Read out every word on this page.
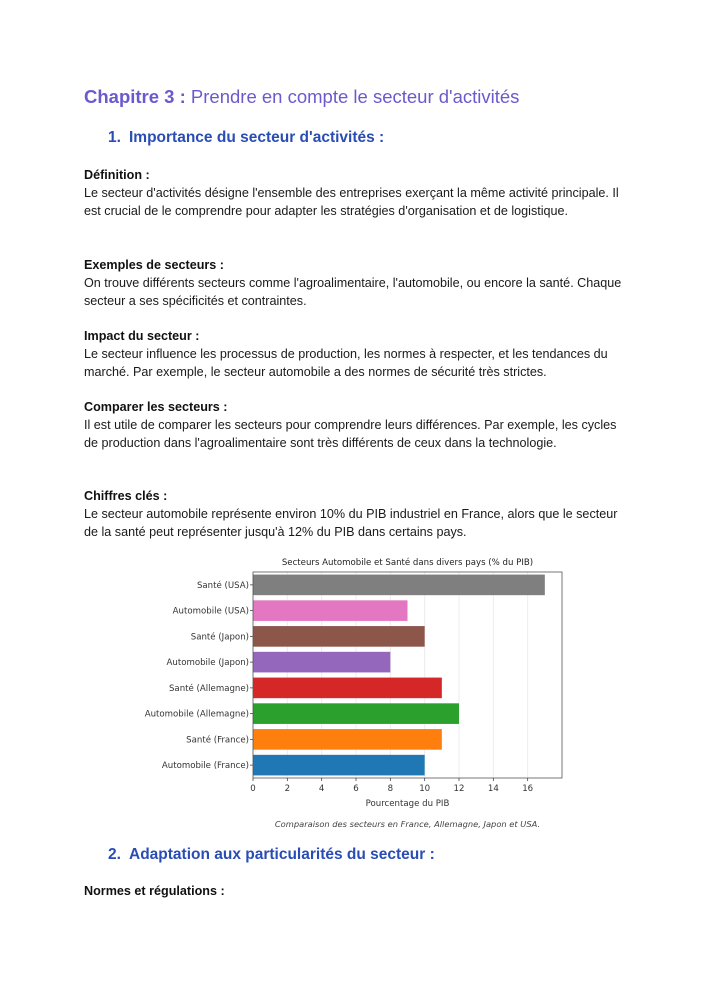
Chapitre 3 : Prendre en compte le secteur d'activités
1. Importance du secteur d'activités :

Définition :

Le secteur d'activités désigne l'ensemble des entreprises exerçant la même activité principale. Il est crucial de le comprendre pour adapter les stratégies d'organisation et de logistique.

Exemples de secteurs :

On trouve différents secteurs comme l'agroalimentaire, l'automobile, ou encore la santé. Chaque secteur a ses spécificités et contraintes.

Impact du secteur :

Le secteur influence les processus de production, les normes à respecter, et les tendances du marché. Par exemple, le secteur automobile a des normes de sécurité très strictes.

Comparer les secteurs :

Il est utile de comparer les secteurs pour comprendre leurs différences. Par exemple, les cycles de production dans l'agroalimentaire sont très différents de ceux dans la technologie.

Chiffres clés :

Le secteur automobile représente environ 10% du PIB industriel en France, alors que le secteur de la santé peut représenter jusqu'à 12% du PIB dans certains pays.

Secteurs Automobile et Santé dans divers pays (% du PIB)
0	2	4	6	8	10	12	14	16
Santé (USA)
Automobile (USA)
Santé (Japon)
Automobile (Japon)
Santé (Allemagne)
Automobile (Allemagne)
Santé (France)
Automobile (France)
Pourcentage du PIB
Comparaison des secteurs en France, Allemagne, Japon et USA.
2. Adaptation aux particularités du secteur :

Normes et régulations :
